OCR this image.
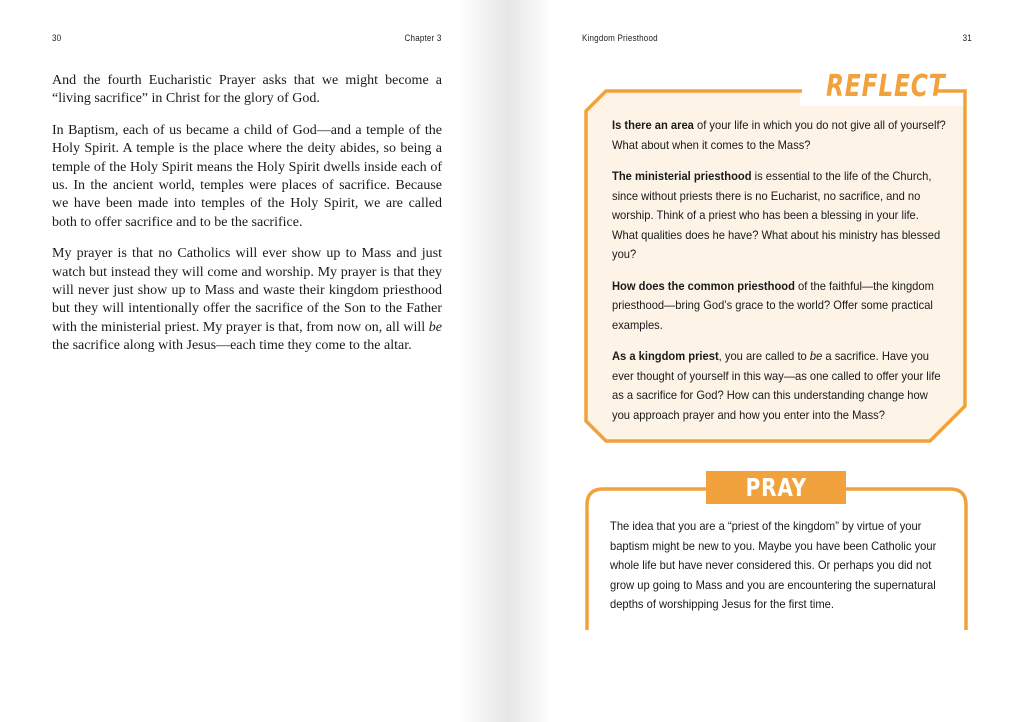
30	Chapter 3

And the fourth Eucharistic Prayer asks that we might become a “living sacrifice” in Christ for the glory of God.

In Baptism, each of us became a child of God—and a temple of the Holy Spirit. A temple is the place where the deity abides, so being a temple of the Holy Spirit means the Holy Spirit dwells inside each of us. In the ancient world, temples were places of sacrifice. Because we have been made into temples of the Holy Spirit, we are called both to offer sacrifice and to be the sacrifice.

My prayer is that no Catholics will ever show up to Mass and just watch but instead they will come and worship. My prayer is that they will never just show up to Mass and waste their kingdom priesthood but they will intentionally offer the sacrifice of the Son to the Father with the ministerial priest. My prayer is that, from now on, all will be the sacrifice along with Jesus—each time they come to the altar.

Kingdom Priesthood	31
REFLECT

Is there an area of your life in which you do not give all of yourself? What about when it comes to the Mass?

The ministerial priesthood is essential to the life of the Church, since without priests there is no Eucharist, no sacrifice, and no worship. Think of a priest who has been a blessing in your life. What qualities does he have? What about his ministry has blessed you?

How does the common priesthood of the faithful—the kingdom priesthood—bring God’s grace to the world? Offer some practical examples.

As a kingdom priest, you are called to be a sacrifice. Have you ever thought of yourself in this way—as one called to offer your life as a sacrifice for God? How can this understanding change how you approach prayer and how you enter into the Mass?

PRAY

The idea that you are a “priest of the kingdom” by virtue of your baptism might be new to you. Maybe you have been Catholic your whole life but have never considered this. Or perhaps you did not grow up going to Mass and you are encountering the supernatural depths of worshipping Jesus for the first time.
